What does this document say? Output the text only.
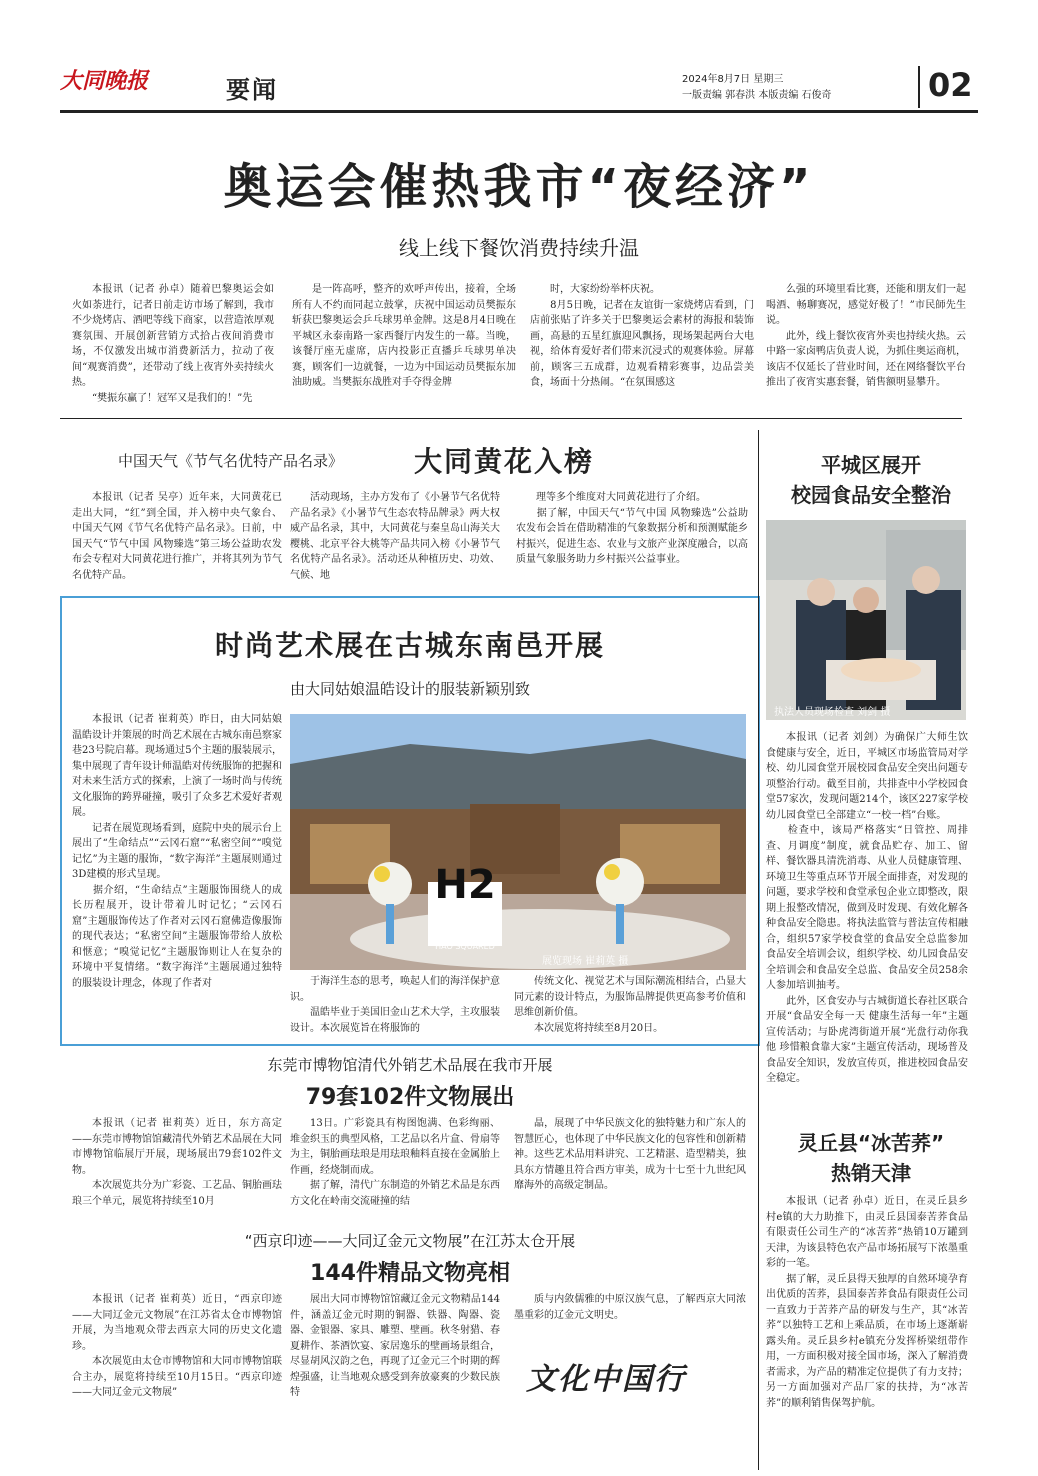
大同晚报	要闻	2024年8月7日 星期三
一版责编 郭春洪 本版责编 石俊奇	02
奥运会催热我市“夜经济”
线上线下餐饮消费持续升温
本报讯（记者 孙卓）随着巴黎奥运会如火如荼进行，记者日前走访市场了解到，我市不少烧烤店、酒吧等线下商家，以营造浓厚观赛氛围、开展创新营销方式拾占夜间消费市场，不仅激发出城市消费新活力，拉动了夜间“观赛消费”，还带动了线上夜宵外卖持续火热。
　　“樊振东赢了！冠军又是我们的！”先
是一阵高呼，整齐的欢呼声传出，接着，全场所有人不约而同起立鼓掌，庆祝中国运动员樊振东斩获巴黎奥运会乒乓球男单金牌。这是8月4日晚在平城区永泰南路一家西餐厅内发生的一幕。当晚，该餐厅座无虚席，店内投影正直播乒乓球男单决赛，顾客们一边就餐，一边为中国运动员樊振东加油助威。当樊振东战胜对手夺得金牌
时，大家纷纷举杯庆祝。
　　8月5日晚，记者在友谊街一家烧烤店看到，门店前张贴了许多关于巴黎奥运会素材的海报和装饰画，高悬的五星红旗迎风飘扬，现场架起两台大电视，给体育爱好者们带来沉浸式的观赛体验。屏幕前，顾客三五成群，边观看精彩赛事，边品尝美食，场面十分热闹。“在氛围感这
么强的环境里看比赛，还能和朋友们一起喝酒、畅聊赛况，感觉好极了！”市民師先生说。
　　此外，线上餐饮夜宵外卖也持续火热。云中路一家卤鸭店负责人说，为抓住奥运商机，该店不仅延长了营业时间，还在网络餐饮平台推出了夜宵实惠套餐，销售额明显攀升。
中国天气《节气名优特产品名录》	大同黄花入榜
本报讯（记者 吴亭）近年来，大同黄花已走出大同，“红”到全国，并入榜中央气象台、中国天气网《节气名优特产品名录》。日前，中国天气“节气中国 风物臻选”第三场公益助农发布会专程对大同黄花进行推广，并将其列为节气名优特产品。
活动现场，主办方发布了《小暑节气名优特产品名录》《小暑节气生态农特品牌录》两大权威产品名录，其中，大同黄花与秦皇岛山海关大樱桃、北京平谷大桃等产品共同入榜《小暑节气名优特产品名录》。活动还从种植历史、功效、气候、地
理等多个维度对大同黄花进行了介绍。
　　据了解，中国天气“节气中国 风物臻选”公益助农发布会旨在借助精准的气象数据分析和预测赋能乡村振兴，促进生态、农业与文旅产业深度融合，以高质量气象服务助力乡村振兴公益事业。
时尚艺术展在古城东南邑开展
由大同姑娘温皓设计的服装新颖别致
本报讯（记者 崔莉英）昨日，由大同姑娘温皓设计并策展的时尚艺术展在古城东南邑察家巷23号院启幕。现场通过5个主题的服装展示，集中展现了青年设计师温皓对传统服饰的把握和对未来生活方式的探索，上演了一场时尚与传统文化服饰的跨界碰撞，吸引了众多艺术爱好者观展。
　　记者在展览现场看到，庭院中央的展示台上展出了“生命结点”“云冈石窟”“私密空间”“嗅觉记忆”为主题的服饰，“数字海洋”主题展则通过3D建模的形式呈现。
　　据介绍，“生命结点”主题服饰围绕人的成长历程展开，设计带着儿时记忆；“云冈石窟”主题服饰传达了作者对云冈石窟佛造像服饰的现代表达；“私密空间”主题服饰带给人放松和惬意；“嗅觉记忆”主题服饰则让人在复杂的环境中平复情绪。“数字海洋”主题展通过独特的服装设计理念，体现了作者对
H2
HAO SQUARED
展览现场 崔莉英 摄
于海洋生态的思考，唤起人们的海洋保护意识。
　　温皓毕业于美国旧金山艺术大学，主攻服装设计。本次展览旨在将服饰的
传统文化、视觉艺术与国际潮流相结合，凸显大同元素的设计特点，为服饰品牌提供更高参考价值和思维创新价值。
　　本次展览将持续至8月20日。
东莞市博物馆清代外销艺术品展在我市开展
79套102件文物展出
本报讯（记者 崔莉英）近日，东方高定——东莞市博物馆馆藏清代外销艺术品展在大同市博物馆临展厅开展，现场展出79套102件文物。
　　本次展览共分为广彩瓷、工艺品、铜胎画珐琅三个单元，展览将持续至10月
13日。广彩瓷具有构图饱满、色彩绚丽、堆金织玉的典型风格，工艺品以名片盒、骨扇等为主，铜胎画珐琅是用珐琅釉料直接在金属胎上作画，经烧制而成。
　　据了解，清代广东制造的外销艺术品是东西方文化在岭南交流碰撞的结
晶，展现了中华民族文化的独特魅力和广东人的智慧匠心，也体现了中华民族文化的包容性和创新精神。这些艺术品用料讲究、工艺精湛、造型精美，独具东方情趣且符合西方审美，成为十七至十九世纪风靡海外的高级定制品。
“西京印迹——大同辽金元文物展”在江苏太仓开展
144件精品文物亮相
本报讯（记者 崔莉英）近日，“西京印迹——大同辽金元文物展”在江苏省太仓市博物馆开展，为当地观众带去西京大同的历史文化遗珍。
　　本次展览由太仓市博物馆和大同市博物馆联合主办，展览将持续至10月15日。“西京印迹——大同辽金元文物展”
展出大同市博物馆馆藏辽金元文物精品144件，涵盖辽金元时期的铜器、铁器、陶器、瓷器、金银器、家具、雕塑、壁画。秋冬射猎、春夏耕作、茶酒饮宴、家居逸乐的壁画场景组合，尽显胡风汉韵之色，再现了辽金元三个时期的辉煌强盛，让当地观众感受到奔放豪爽的少数民族特
质与内敛儒雅的中原汉族气息，了解西京大同浓墨重彩的辽金元文明史。
文化中国行
平城区展开
校园食品安全整治
执法人员现场检查 刘剑 摄
本报讯（记者 刘剑）为确保广大师生饮食健康与安全，近日，平城区市场监管局对学校、幼儿园食堂开展校园食品安全突出问题专项整治行动。截至目前，共排查中小学校园食堂57家次，发现问题214个，该区227家学校幼儿园食堂已全部建立“一校一档”台账。
　　检查中，该局严格落实“日管控、周排查、月调度”制度，就食品贮存、加工、留样、餐饮器具清洗消毒、从业人员健康管理、环境卫生等重点环节开展全面排查，对发现的问题，要求学校和食堂承包企业立即整改，限期上报整改情况，做到及时发现、有效化解各种食品安全隐患。将执法监管与普法宣传相融合，组织57家学校食堂的食品安全总监参加食品安全培训会议，组织学校、幼儿园食品安全培训会和食品安全总监、食品安全员258余人参加培训抽考。
　　此外，区食安办与古城街道长春社区联合开展“食品安全每一天 健康生活每一年”主题宣传活动；与卧虎湾街道开展“光盘行动你我他 珍惜粮食靠大家”主题宣传活动，现场普及食品安全知识，发放宣传页，推进校园食品安全稳定。
灵丘县“冰苦荞”
热销天津
本报讯（记者 孙卓）近日，在灵丘县乡村e镇的大力助推下，由灵丘县国泰苦荞食品有限责任公司生产的“冰苦荞”热销10万罐到天津，为该县特色农产品市场拓展写下浓墨重彩的一笔。
　　据了解，灵丘县得天独厚的自然环境孕育出优质的苦荞，县国泰苦荞食品有限责任公司一直致力于苦荞产品的研发与生产，其“冰苦荞”以独特工艺和上乘品质，在市场上逐渐崭露头角。灵丘县乡村e镇充分发挥桥梁纽带作用，一方面积极对接全国市场，深入了解消费者需求，为产品的精准定位提供了有力支持；另一方面加强对产品厂家的扶持，为“冰苦荞”的顺利销售保驾护航。
